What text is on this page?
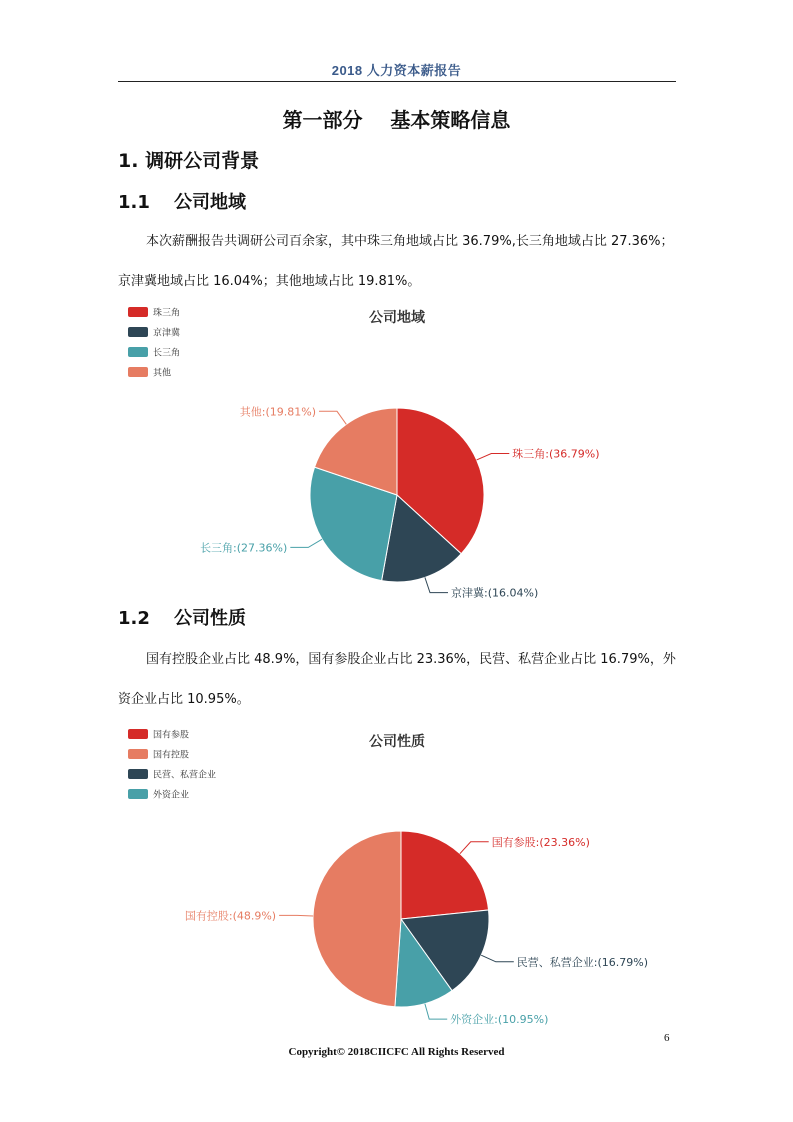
2018 人力资本薪报告
第一部分    基本策略信息
1. 调研公司背景
1.1 公司地域
本次薪酬报告共调研公司百余家，其中珠三角地域占比 36.79%,长三角地域占比 27.36%；京津冀地域占比 16.04%；其他地域占比 19.81%。
公司地域
珠三角
京津冀
长三角
其他
珠三角:(36.79%)
京津冀:(16.04%)
长三角:(27.36%)
其他:(19.81%)
1.2 公司性质
国有控股企业占比 48.9%，国有参股企业占比 23.36%，民营、私营企业占比 16.79%，外资企业占比 10.95%。
公司性质
国有参股
国有控股
民营、私营企业
外资企业
国有参股:(23.36%)
民营、私营企业:(16.79%)
外资企业:(10.95%)
国有控股:(48.9%)
6
Copyright© 2018CIICFC All Rights Reserved
